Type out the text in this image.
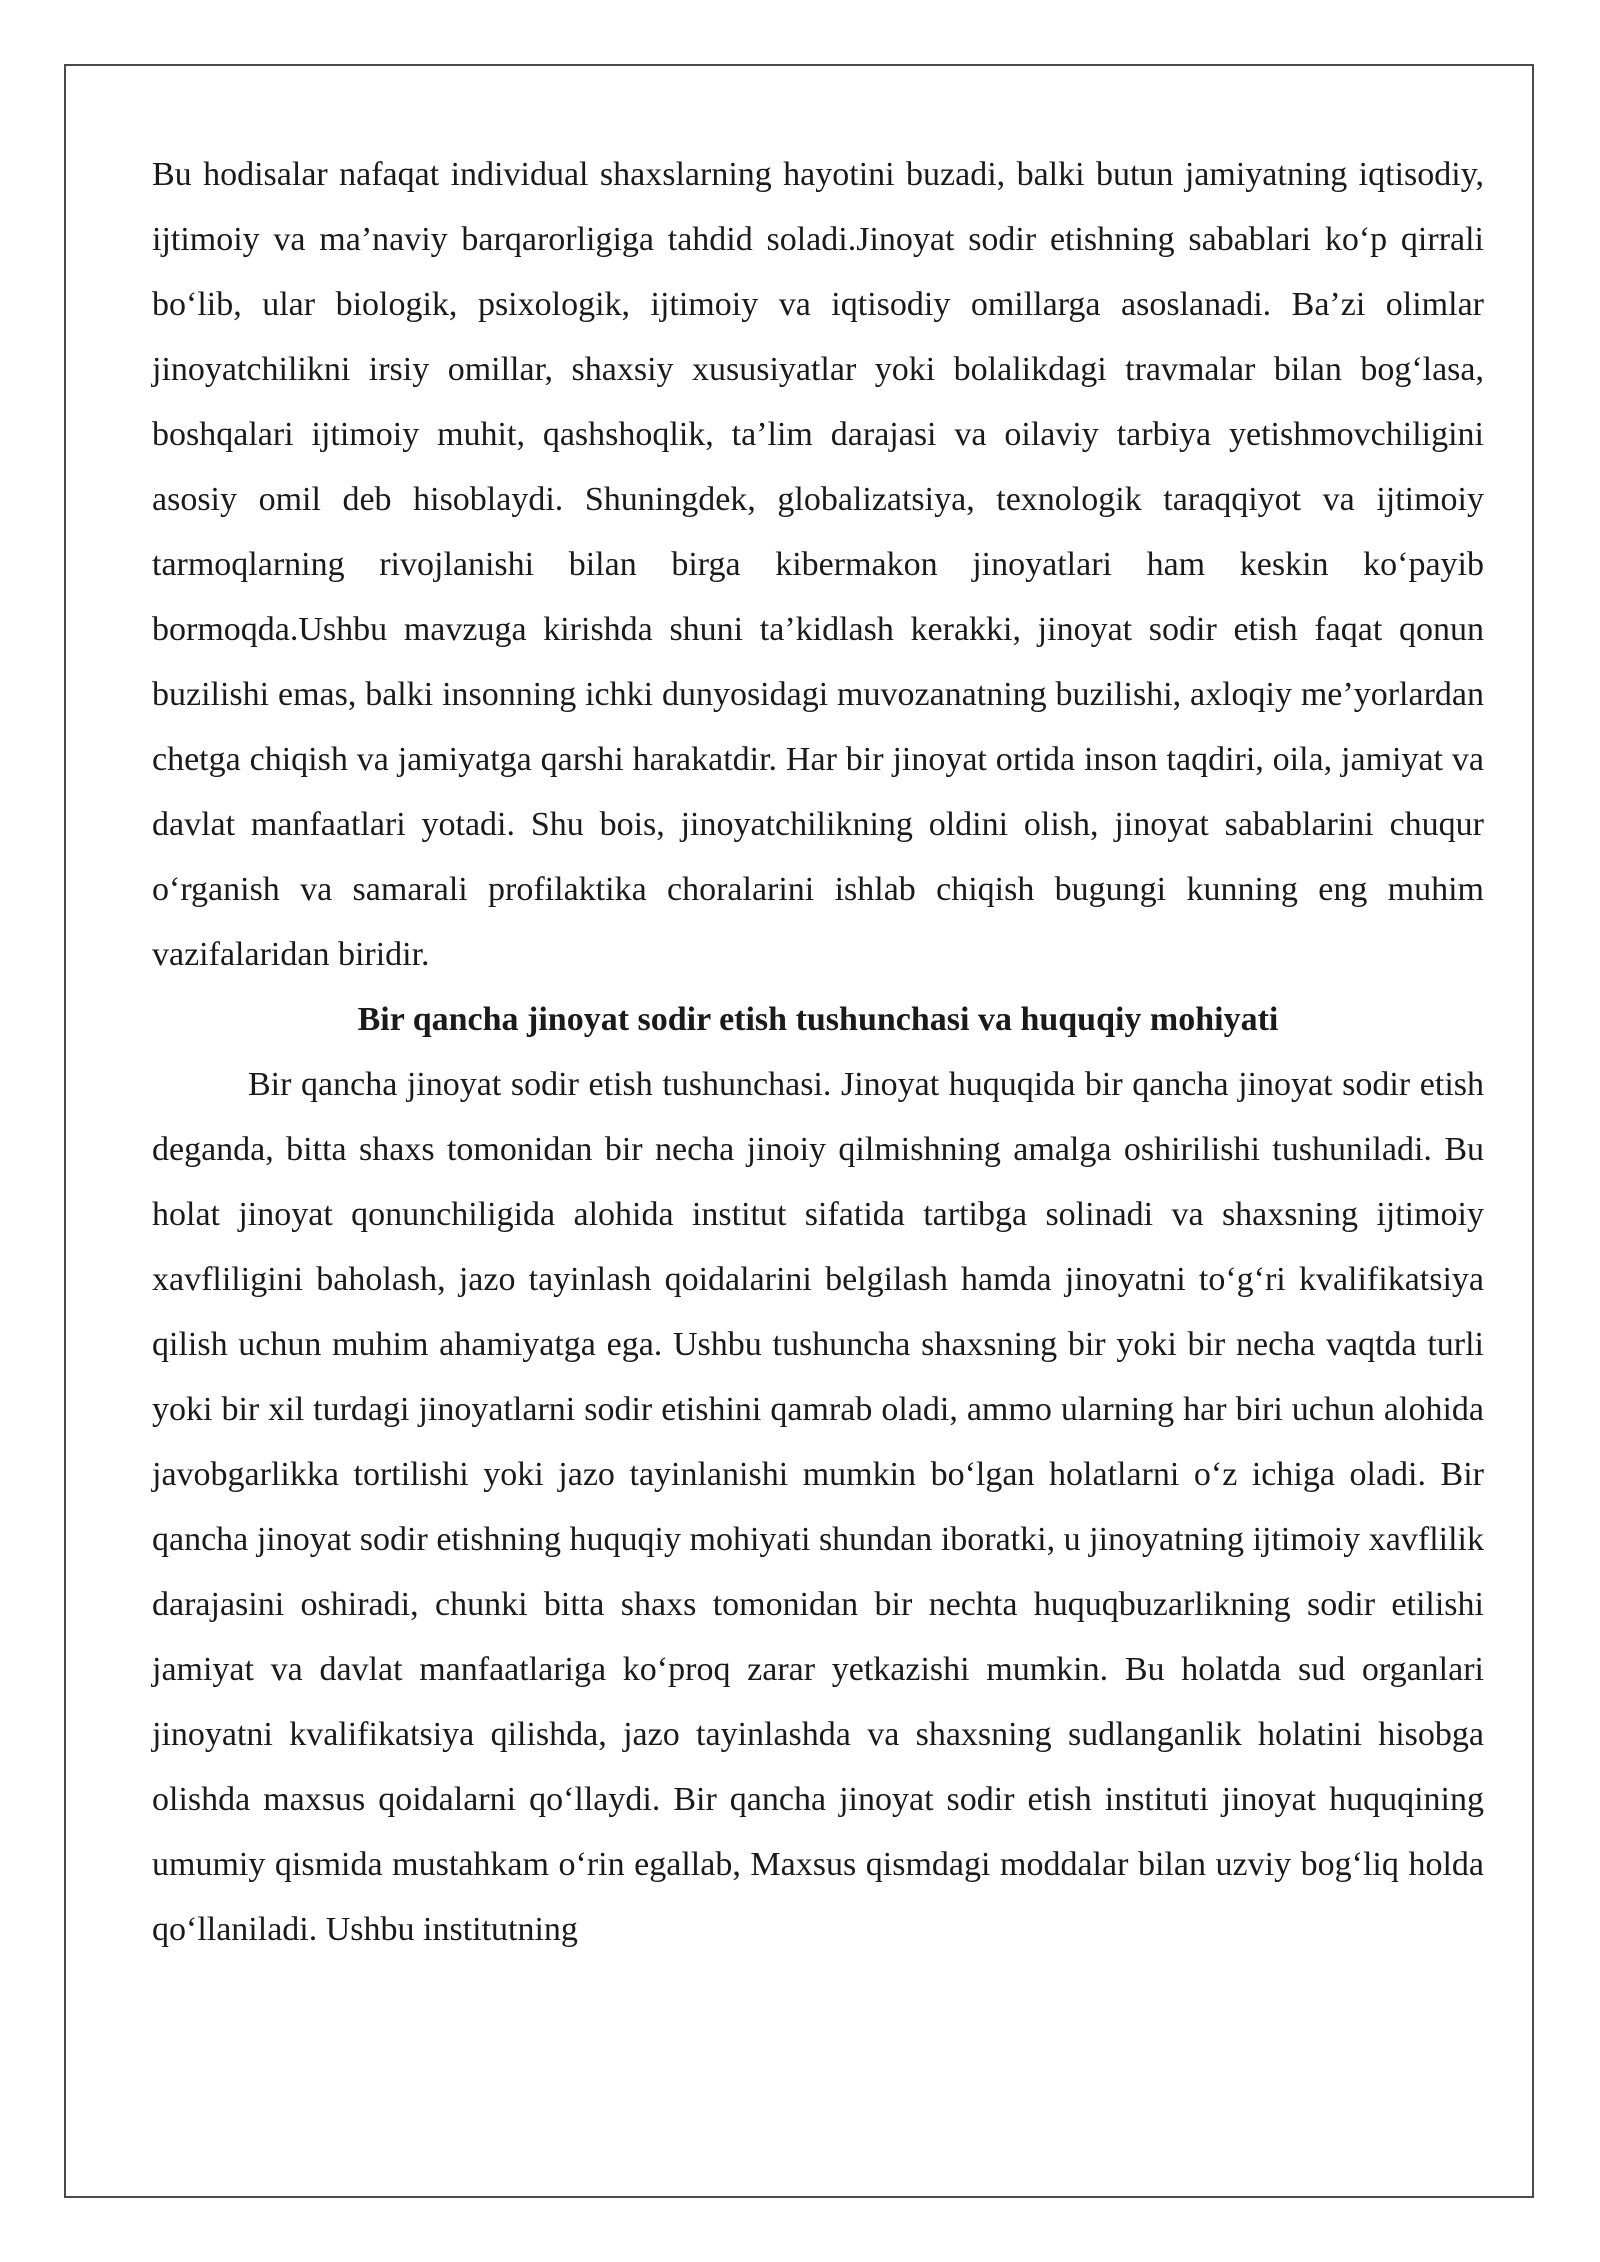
Bu hodisalar nafaqat individual shaxslarning hayotini buzadi, balki butun jamiyatning iqtisodiy, ijtimoiy va ma’naviy barqarorligiga tahdid soladi.Jinoyat sodir etishning sabablari ko‘p qirrali bo‘lib, ular biologik, psixologik, ijtimoiy va iqtisodiy omillarga asoslanadi. Ba’zi olimlar jinoyatchilikni irsiy omillar, shaxsiy xususiyatlar yoki bolalikdagi travmalar bilan bog‘lasa, boshqalari ijtimoiy muhit, qashshoqlik, ta’lim darajasi va oilaviy tarbiya yetishmovchiligini asosiy omil deb hisoblaydi. Shuningdek, globalizatsiya, texnologik taraqqiyot va ijtimoiy tarmoqlarning rivojlanishi bilan birga kibermakon jinoyatlari ham keskin ko‘payib bormoqda.Ushbu mavzuga kirishda shuni ta’kidlash kerakki, jinoyat sodir etish faqat qonun buzilishi emas, balki insonning ichki dunyosidagi muvozanatning buzilishi, axloqiy me’yorlardan chetga chiqish va jamiyatga qarshi harakatdir. Har bir jinoyat ortida inson taqdiri, oila, jamiyat va davlat manfaatlari yotadi. Shu bois, jinoyatchilikning oldini olish, jinoyat sabablarini chuqur o‘rganish va samarali profilaktika choralarini ishlab chiqish bugungi kunning eng muhim vazifalaridan biridir.

Bir qancha jinoyat sodir etish tushunchasi va huquqiy mohiyati

Bir qancha jinoyat sodir etish tushunchasi. Jinoyat huquqida bir qancha jinoyat sodir etish deganda, bitta shaxs tomonidan bir necha jinoiy qilmishning amalga oshirilishi tushuniladi. Bu holat jinoyat qonunchiligida alohida institut sifatida tartibga solinadi va shaxsning ijtimoiy xavfliligini baholash, jazo tayinlash qoidalarini belgilash hamda jinoyatni to‘g‘ri kvalifikatsiya qilish uchun muhim ahamiyatga ega. Ushbu tushuncha shaxsning bir yoki bir necha vaqtda turli yoki bir xil turdagi jinoyatlarni sodir etishini qamrab oladi, ammo ularning har biri uchun alohida javobgarlikka tortilishi yoki jazo tayinlanishi mumkin bo‘lgan holatlarni o‘z ichiga oladi. Bir qancha jinoyat sodir etishning huquqiy mohiyati shundan iboratki, u jinoyatning ijtimoiy xavflilik darajasini oshiradi, chunki bitta shaxs tomonidan bir nechta huquqbuzarlikning sodir etilishi jamiyat va davlat manfaatlariga ko‘proq zarar yetkazishi mumkin. Bu holatda sud organlari jinoyatni kvalifikatsiya qilishda, jazo tayinlashda va shaxsning sudlanganlik holatini hisobga olishda maxsus qoidalarni qo‘llaydi. Bir qancha jinoyat sodir etish instituti jinoyat huquqining umumiy qismida mustahkam o‘rin egallab, Maxsus qismdagi moddalar bilan uzviy bog‘liq holda qo‘llaniladi. Ushbu institutning
